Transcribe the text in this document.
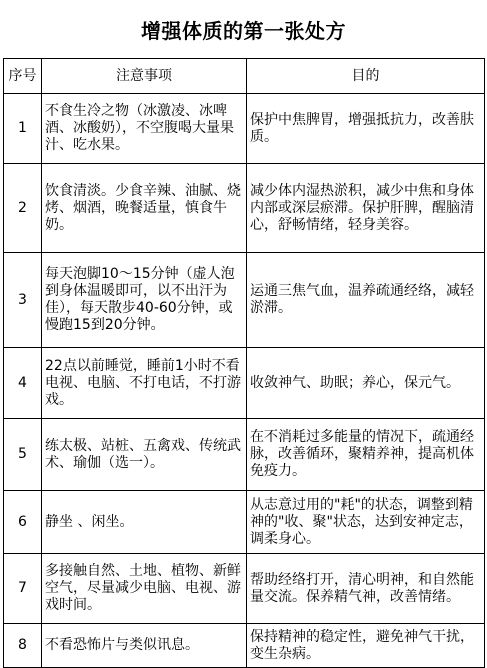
增强体质的第一张处方
序号	注意事项	目的
1	不食生冷之物（冰激凌、冰啤酒、冰酸奶），不空腹喝大量果汁、吃水果。	保护中焦脾胃，增强抵抗力，改善肤质。
2	饮食清淡。少食辛辣、油腻、烧烤、烟酒，晚餐适量，慎食牛奶。	减少体内湿热淤积，减少中焦和身体内部或深层瘀滞。保护肝脾，醒脑清心，舒畅情绪，轻身美容。
3	每天泡脚10～15分钟（虚人泡到身体温暖即可，以不出汗为佳），每天散步40-60分钟，或慢跑15到20分钟。	运通三焦气血，温养疏通经络，减轻淤滞。
4	22点以前睡觉，睡前1小时不看电视、电脑、不打电话，不打游戏。	收敛神气、助眠；养心，保元气。
5	练太极、站桩、五禽戏、传统武术、瑜伽（选一）。	在不消耗过多能量的情况下，疏通经脉，改善循环，聚精养神，提高机体免疫力。
6	静坐 、闲坐。	从志意过用的"耗"的状态，调整到精神的"收、聚"状态，达到安神定志，调柔身心。
7	多接触自然、土地、植物、新鲜空气，尽量减少电脑、电视、游戏时间。	帮助经络打开，清心明神，和自然能量交流。保养精气神，改善情绪。
8	不看恐怖片与类似讯息。	保持精神的稳定性，避免神气干扰，变生杂病。
